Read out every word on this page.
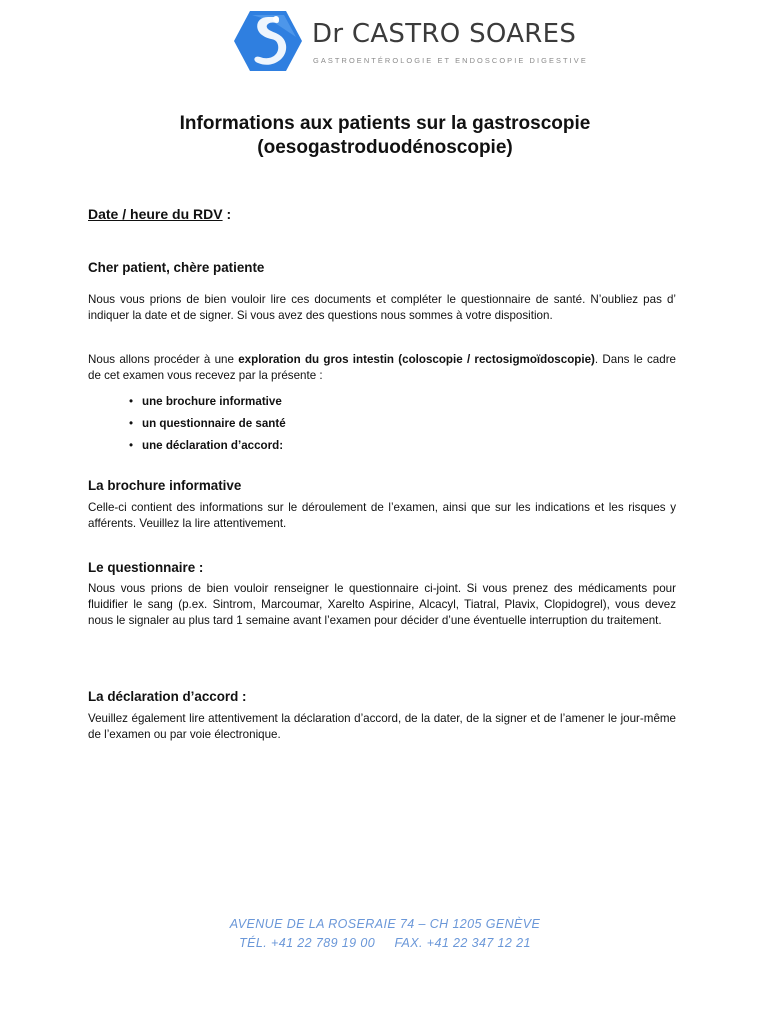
Dr CASTRO SOARES
GASTROENTÉROLOGIE ET ENDOSCOPIE DIGESTIVE
Informations aux patients sur la gastroscopie
(oesogastroduodénoscopie)
Date / heure du RDV :
Cher patient, chère patiente

Nous vous prions de bien vouloir lire ces documents et compléter le questionnaire de santé. N’oubliez pas d’ indiquer la date et de signer. Si vous avez des questions nous sommes à votre disposition.

Nous allons procéder à une exploration du gros intestin (coloscopie / rectosigmoïdoscopie). Dans le cadre de cet examen vous recevez par la présente :

• une brochure informative
• un questionnaire de santé
• une déclaration d’accord:
La brochure informative

Celle-ci contient des informations sur le déroulement de l’examen, ainsi que sur les indications et les risques y afférents. Veuillez la lire attentivement.

Le questionnaire :

Nous vous prions de bien vouloir renseigner le questionnaire ci-joint. Si vous prenez des médicaments pour fluidifier le sang (p.ex. Sintrom, Marcoumar, Xarelto Aspirine, Alcacyl, Tiatral, Plavix, Clopidogrel), vous devez nous le signaler au plus tard 1 semaine avant l’examen pour décider d’une éventuelle interruption du traitement.

La déclaration d’accord :

Veuillez également lire attentivement la déclaration d’accord, de la dater, de la signer et de l’amener le jour-même de l’examen ou par voie électronique.

AVENUE DE LA ROSERAIE 74 – CH 1205 GENÈVE
TÉL. +41 22 789 19 00     FAX. +41 22 347 12 21
